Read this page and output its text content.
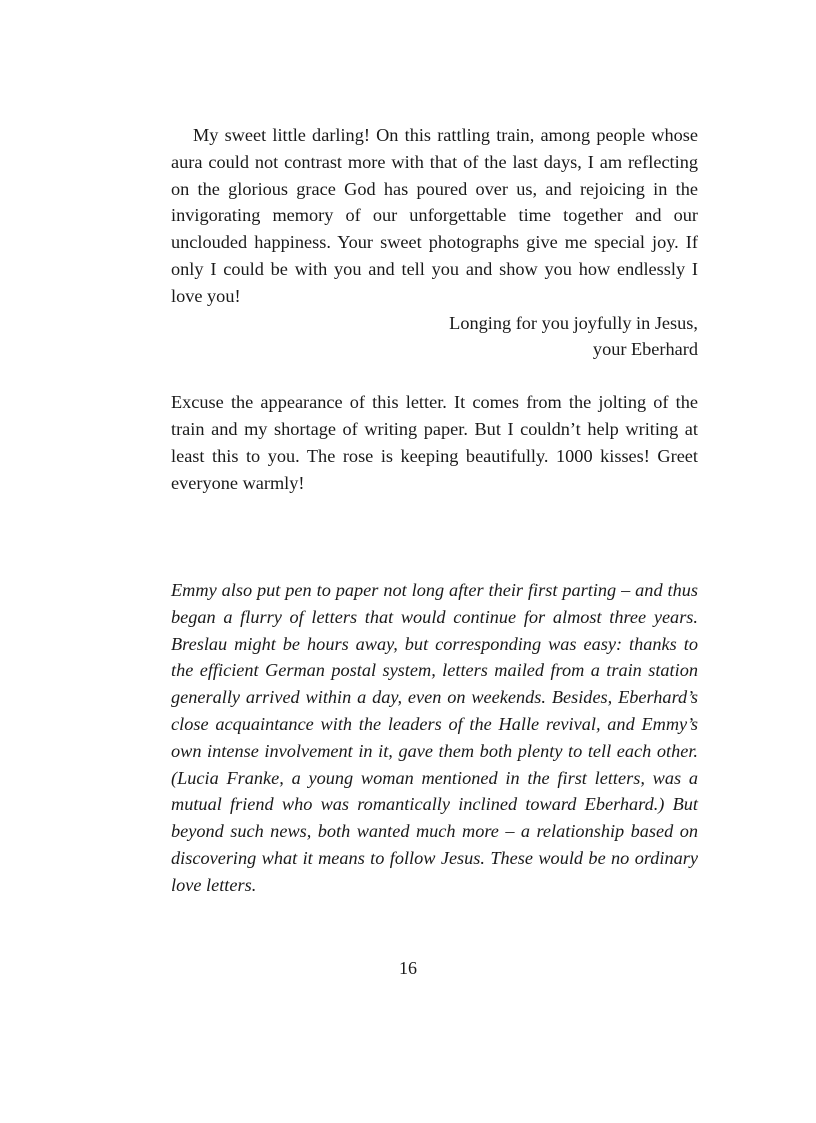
My sweet little darling! On this rattling train, among people whose aura could not contrast more with that of the last days, I am reflecting on the glorious grace God has poured over us, and rejoicing in the invigorating memory of our unforgettable time together and our unclouded happiness. Your sweet photographs give me special joy. If only I could be with you and tell you and show you how endlessly I love you!

Longing for you joyfully in Jesus,
your Eberhard

Excuse the appearance of this letter. It comes from the jolting of the train and my shortage of writing paper. But I couldn’t help writing at least this to you. The rose is keeping beautifully. 1000 kisses! Greet everyone warmly!

Emmy also put pen to paper not long after their first parting – and thus began a flurry of letters that would continue for almost three years. Breslau might be hours away, but corresponding was easy: thanks to the efficient German postal system, letters mailed from a train station generally arrived within a day, even on weekends. Besides, Eberhard’s close acquaintance with the leaders of the Halle revival, and Emmy’s own intense involvement in it, gave them both plenty to tell each other. (Lucia Franke, a young woman mentioned in the first letters, was a mutual friend who was romantically inclined toward Eberhard.) But beyond such news, both wanted much more – a relationship based on discovering what it means to follow Jesus. These would be no ordinary love letters.

16
